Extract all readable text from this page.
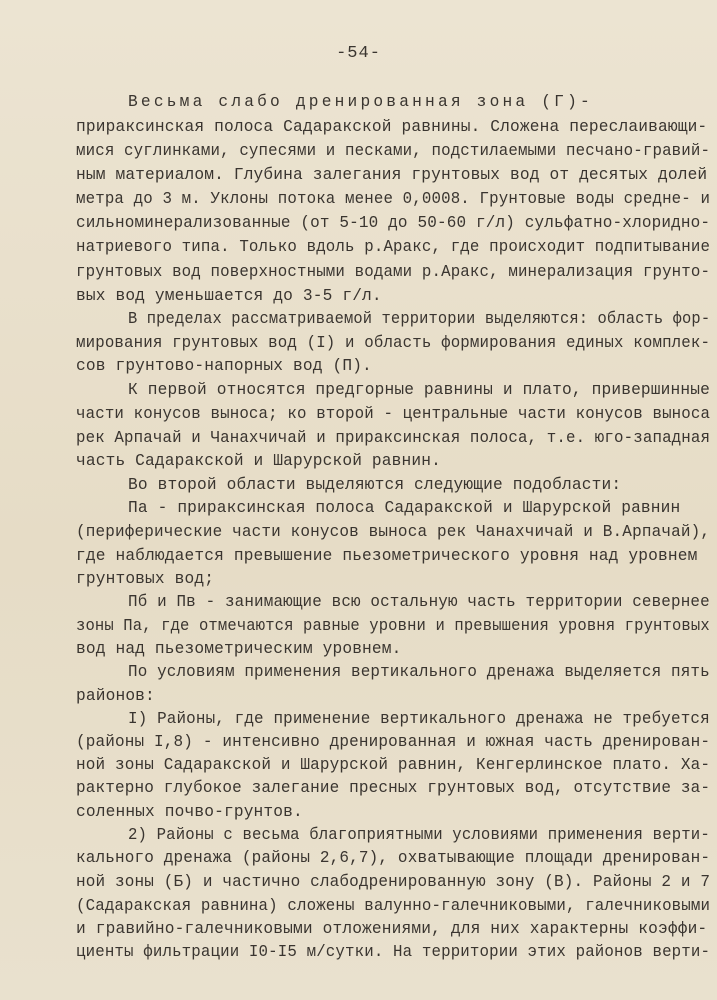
-54-
Весьма слабо дренированная зона (Г)-
прираксинская полоса Садаракской равнины. Сложена переслаивающи-
мися суглинками, супесями и песками, подстилаемыми песчано-гравий-
ным материалом. Глубина залегания грунтовых вод от десятых долей
метра до 3 м. Уклоны потока менее 0,0008. Грунтовые воды средне- и
сильноминерализованные (от 5-10 до 50-60 г/л) сульфатно-хлоридно-
натриевого типа. Только вдоль р.Аракс, где происходит подпитывание
грунтовых вод поверхностными водами р.Аракс, минерализация грунто-
вых вод уменьшается до 3-5 г/л.
В пределах рассматриваемой территории выделяются: область фор-
мирования грунтовых вод (I) и область формирования единых комплек-
сов грунтово-напорных вод (П).
К первой относятся предгорные равнины и плато, привершинные
части конусов выноса; ко второй - центральные части конусов выноса
рек Арпачай и Чанахчичай и прираксинская полоса, т.е. юго-западная
часть Садаракской и Шарурской равнин.
Во второй области выделяются следующие подобласти:
Па - прираксинская полоса Садаракской и Шарурской равнин
(периферические части конусов выноса рек Чанахчичай и В.Арпачай),
где наблюдается превышение пьезометрического уровня над уровнем
грунтовых вод;
Пб и Пв - занимающие всю остальную часть территории севернее
зоны Па, где отмечаются равные уровни и превышения уровня грунтовых
вод над пьезометрическим уровнем.
По условиям применения вертикального дренажа выделяется пять
районов:
I) Районы, где применение вертикального дренажа не требуется
(районы I,8) - интенсивно дренированная и южная часть дренирован-
ной зоны Садаракской и Шарурской равнин, Кенгерлинское плато. Ха-
рактерно глубокое залегание пресных грунтовых вод, отсутствие за-
соленных почво-грунтов.
2) Районы с весьма благоприятными условиями применения верти-
кального дренажа (районы 2,6,7), охватывающие площади дренирован-
ной зоны (Б) и частично слабодренированную зону (В). Районы 2 и 7
(Садаракская равнина) сложены валунно-галечниковыми, галечниковыми
и гравийно-галечниковыми отложениями, для них характерны коэффи-
циенты фильтрации I0-I5 м/сутки. На территории этих районов верти-
